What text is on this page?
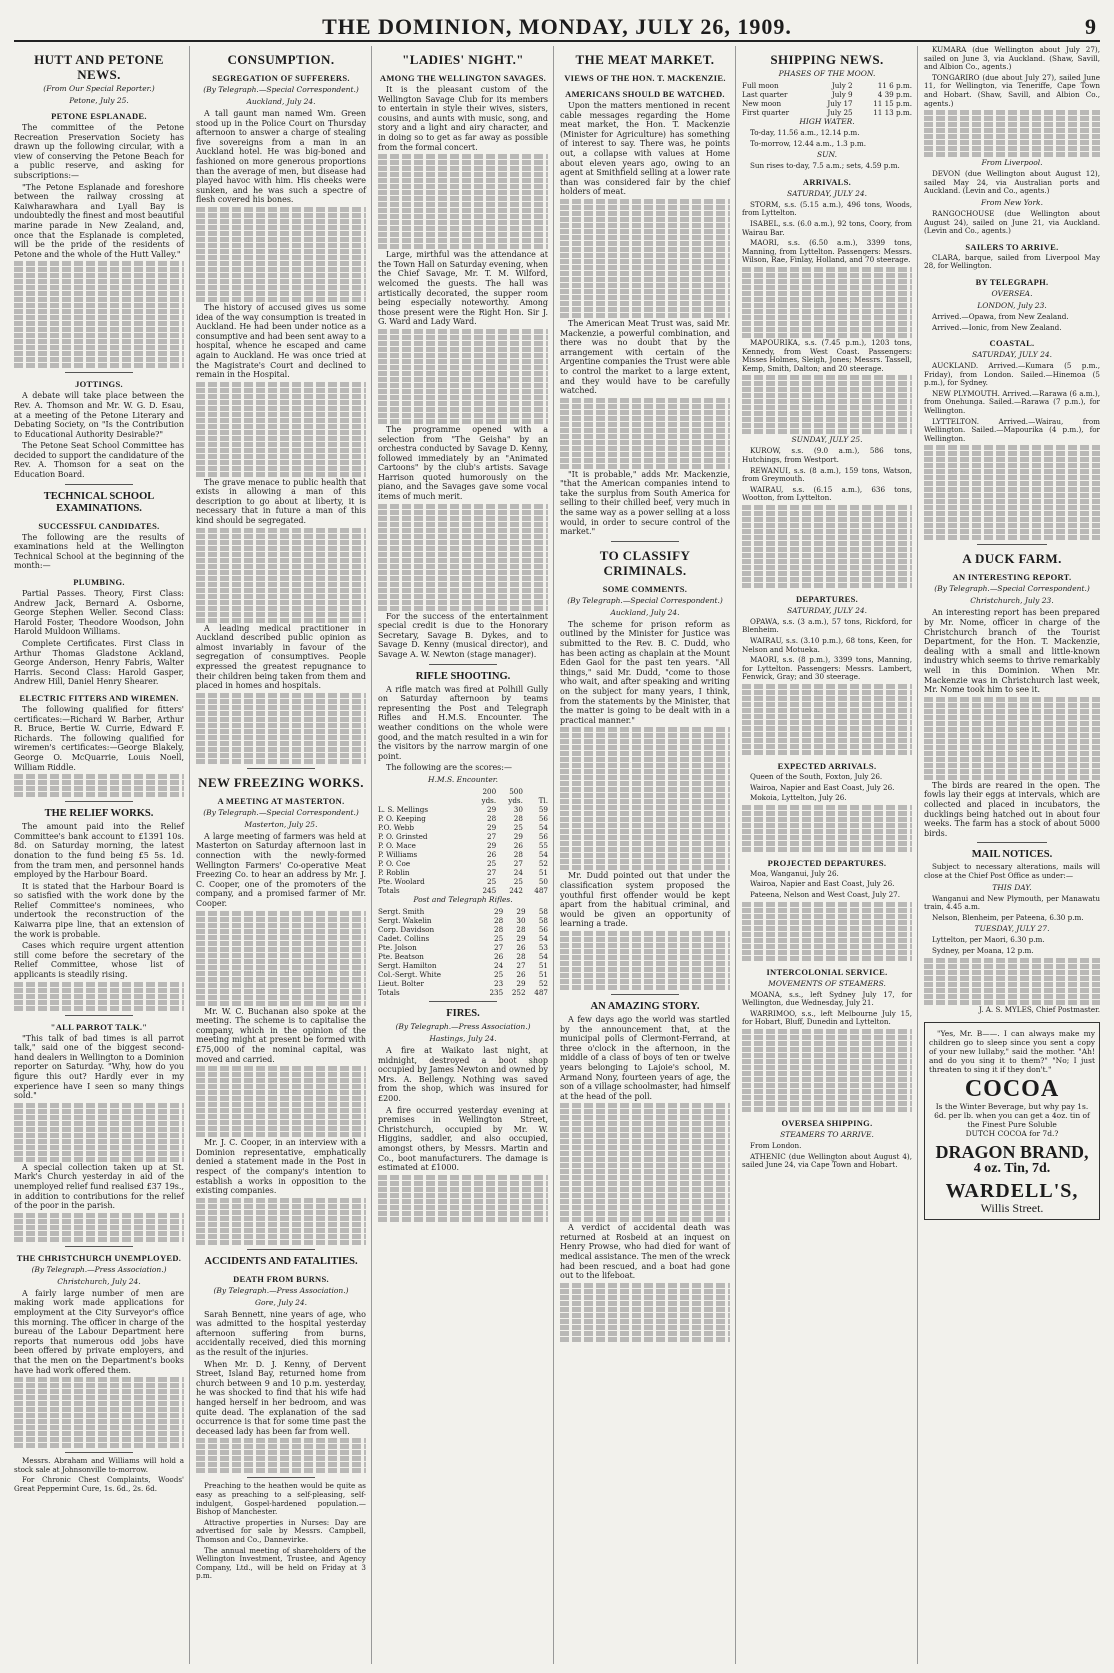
THE DOMINION, MONDAY, JULY 26, 1909.	9
HUTT AND PETONE NEWS.
(From Our Special Reporter.)
Petone, July 25.
PETONE ESPLANADE.

The committee of the Petone Recreation Preservation Society has drawn up the following circular, with a view of conserving the Petone Beach for a public reserve, and asking for subscriptions:—

"The Petone Esplanade and foreshore between the railway crossing at Kaiwharawhara and Lyall Bay is undoubtedly the finest and most beautiful marine parade in New Zealand, and, once that the Esplanade is completed, will be the pride of the residents of Petone and the whole of the Hutt Valley."

JOTTINGS.

A debate will take place between the Rev. A. Thomson and Mr. W. G. D. Esau, at a meeting of the Petone Literary and Debating Society, on "Is the Contribution to Educational Authority Desirable?"

The Petone Seat School Committee has decided to support the candidature of the Rev. A. Thomson for a seat on the Education Board.

TECHNICAL SCHOOL EXAMINATIONS.
SUCCESSFUL CANDIDATES.

The following are the results of examinations held at the Wellington Technical School at the beginning of the month:—

PLUMBING.

Partial Passes. Theory, First Class: Andrew Jack, Bernard A. Osborne, George Stephen Weller. Second Class: Harold Foster, Theodore Woodson, John Harold Muldoon Williams.

Complete Certificates. First Class in Arthur Thomas Gladstone Ackland, George Anderson, Henry Fabris, Walter Harris. Second Class: Harold Gasper, Andrew Hill, Daniel Henry Shearer.

ELECTRIC FITTERS AND WIREMEN.

The following qualified for fitters' certificates:—Richard W. Barber, Arthur R. Bruce, Bertie W. Currie, Edward F. Richards. The following qualified for wiremen's certificates:—George Blakely, George O. McQuarrie, Louis Noell, William Riddle.

THE RELIEF WORKS.

The amount paid into the Relief Committee's bank account to £1391 10s. 8d. on Saturday morning, the latest donation to the fund being £5 5s. 1d. from the tram men, and personnel hands employed by the Harbour Board.

It is stated that the Harbour Board is so satisfied with the work done by the Relief Committee's nominees, who undertook the reconstruction of the Kaiwarra pipe line, that an extension of the work is probable.

Cases which require urgent attention still come before the secretary of the Relief Committee, whose list of applicants is steadily rising.

"ALL PARROT TALK."

"This talk of bad times is all parrot talk," said one of the biggest second-hand dealers in Wellington to a Dominion reporter on Saturday. "Why, how do you figure this out? Hardly ever in my experience have I seen so many things sold."

A special collection taken up at St. Mark's Church yesterday in aid of the unemployed relief fund realised £37 19s., in addition to contributions for the relief of the poor in the parish.

THE CHRISTCHURCH UNEMPLOYED.
(By Telegraph.—Press Association.)
Christchurch, July 24.

A fairly large number of men are making work made applications for employment at the City Surveyor's office this morning. The officer in charge of the bureau of the Labour Department here reports that numerous odd jobs have been offered by private employers, and that the men on the Department's books have had work offered them.

Messrs. Abraham and Williams will hold a stock sale at Johnsonville to-morrow.

For Chronic Chest Complaints, Woods' Great Peppermint Cure, 1s. 6d., 2s. 6d.

CONSUMPTION.
SEGREGATION OF SUFFERERS.
(By Telegraph.—Special Correspondent.)
Auckland, July 24.

A tall gaunt man named Wm. Green stood up in the Police Court on Thursday afternoon to answer a charge of stealing five sovereigns from a man in an Auckland hotel. He was big-boned and fashioned on more generous proportions than the average of men, but disease had played havoc with him. His cheeks were sunken, and he was such a spectre of flesh covered his bones.

The history of accused gives us some idea of the way consumption is treated in Auckland. He had been under notice as a consumptive and had been sent away to a hospital, whence he escaped and came again to Auckland. He was once tried at the Magistrate's Court and declined to remain in the Hospital.

The grave menace to public health that exists in allowing a man of this description to go about at liberty, it is necessary that in future a man of this kind should be segregated.

A leading medical practitioner in Auckland described public opinion as almost invariably in favour of the segregation of consumptives. People expressed the greatest repugnance to their children being taken from them and placed in homes and hospitals.

NEW FREEZING WORKS.
A MEETING AT MASTERTON.
(By Telegraph.—Special Correspondent.)
Masterton, July 25.

A large meeting of farmers was held at Masterton on Saturday afternoon last in connection with the newly-formed Wellington Farmers' Co-operative Meat Freezing Co. to hear an address by Mr. J. C. Cooper, one of the promoters of the company, and a promised farmer of Mr. Cooper.

Mr. W. C. Buchanan also spoke at the meeting. The scheme is to capitalise the company, which in the opinion of the meeting might at present be formed with £75,000 of the nominal capital, was moved and carried.

Mr. J. C. Cooper, in an interview with a Dominion representative, emphatically denied a statement made in the Post in respect of the company's intention to establish a works in opposition to the existing companies.

ACCIDENTS AND FATALITIES.
DEATH FROM BURNS.
(By Telegraph.—Press Association.)
Gore, July 24.

Sarah Bennett, nine years of age, who was admitted to the hospital yesterday afternoon suffering from burns, accidentally received, died this morning as the result of the injuries.

When Mr. D. J. Kenny, of Dervent Street, Island Bay, returned home from church between 9 and 10 p.m. yesterday, he was shocked to find that his wife had hanged herself in her bedroom, and was quite dead. The explanation of the sad occurrence is that for some time past the deceased lady has been far from well.

Preaching to the heathen would be quite as easy as preaching to a self-pleasing, self-indulgent, Gospel-hardened population.—Bishop of Manchester.

Attractive properties in Nurses: Day are advertised for sale by Messrs. Campbell, Thomson and Co., Dannevirke.

The annual meeting of shareholders of the Wellington Investment, Trustee, and Agency Company, Ltd., will be held on Friday at 3 p.m.

"LADIES' NIGHT."
AMONG THE WELLINGTON SAVAGES.

It is the pleasant custom of the Wellington Savage Club for its members to entertain in style their wives, sisters, cousins, and aunts with music, song, and story and a light and airy character, and in doing so to get as far away as possible from the formal concert.

Large, mirthful was the attendance at the Town Hall on Saturday evening, when the Chief Savage, Mr. T. M. Wilford, welcomed the guests. The hall was artistically decorated, the supper room being especially noteworthy. Among those present were the Right Hon. Sir J. G. Ward and Lady Ward.

The programme opened with a selection from "The Geisha" by an orchestra conducted by Savage D. Kenny, followed immediately by an "Animated Cartoons" by the club's artists. Savage Harrison quoted humorously on the piano, and the Savages gave some vocal items of much merit.

For the success of the entertainment special credit is due to the Honorary Secretary, Savage B. Dykes, and to Savage D. Kenny (musical director), and Savage A. W. Newton (stage manager).

RIFLE SHOOTING.

A rifle match was fired at Polhill Gully on Saturday afternoon by teams representing the Post and Telegraph Rifles and H.M.S. Encounter. The weather conditions on the whole were good, and the match resulted in a win for the visitors by the narrow margin of one point.

The following are the scores:—

H.M.S. Encounter.
	200	500	
	yds.	yds.	Tl.
L. S. Mellings	29	30	59
P. O. Keeping	28	28	56
P.O. Webb	29	25	54
P. O. Grinsted	27	29	56
P. O. Mace	29	26	55
P. Williams	26	28	54
P. O. Coe	25	27	52
P. Roblin	27	24	51
Pte. Woolard	25	25	50
Totals	245	242	487
Post and Telegraph Rifles.
Sergt. Smith	29	29	58
Sergt. Wakelin	28	30	58
Corp. Davidson	28	28	56
Cadet. Collins	25	29	54
Pte. Jolson	27	26	53
Pte. Beatson	26	28	54
Sergt. Hamilton	24	27	51
Col.-Sergt. White	25	26	51
Lieut. Bolter	23	29	52
Totals	235	252	487
FIRES.
(By Telegraph.—Press Association.)
Hastings, July 24.

A fire at Waikato last night, at midnight, destroyed a boot shop occupied by James Newton and owned by Mrs. A. Bellengy. Nothing was saved from the shop, which was insured for £200.

A fire occurred yesterday evening at premises in Wellington Street, Christchurch, occupied by Mr. W. Higgins, saddler, and also occupied, amongst others, by Messrs. Martin and Co., boot manufacturers. The damage is estimated at £1000.

THE MEAT MARKET.
VIEWS OF THE HON. T. MACKENZIE.
AMERICANS SHOULD BE WATCHED.

Upon the matters mentioned in recent cable messages regarding the Home meat market, the Hon. T. Mackenzie (Minister for Agriculture) has something of interest to say. There was, he points out, a collapse with values at Home about eleven years ago, owing to an agent at Smithfield selling at a lower rate than was considered fair by the chief holders of meat.

The American Meat Trust was, said Mr. Mackenzie, a powerful combination, and there was no doubt that by the arrangement with certain of the Argentine companies the Trust were able to control the market to a large extent, and they would have to be carefully watched.

"It is probable," adds Mr. Mackenzie, "that the American companies intend to take the surplus from South America for selling to their chilled beef, very much in the same way as a power selling at a loss would, in order to secure control of the market."

TO CLASSIFY CRIMINALS.
SOME COMMENTS.
(By Telegraph.—Special Correspondent.)
Auckland, July 24.

The scheme for prison reform as outlined by the Minister for Justice was submitted to the Rev. B. C. Dudd, who has been acting as chaplain at the Mount Eden Gaol for the past ten years. "All things," said Mr. Dudd, "come to those who wait, and after speaking and writing on the subject for many years, I think, from the statements by the Minister, that the matter is going to be dealt with in a practical manner."

Mr. Dudd pointed out that under the classification system proposed the youthful first offender would be kept apart from the habitual criminal, and would be given an opportunity of learning a trade.

AN AMAZING STORY.

A few days ago the world was startled by the announcement that, at the municipal polls of Clermont-Ferrand, at three o'clock in the afternoon, in the middle of a class of boys of ten or twelve years belonging to Lajoie's school, M. Armand Nony, fourteen years of age, the son of a village schoolmaster, had himself at the head of the poll.

A verdict of accidental death was returned at Rosbeid at an inquest on Henry Prowse, who had died for want of medical assistance. The men of the wreck had been rescued, and a boat had gone out to the lifeboat.

SHIPPING NEWS.
PHASES OF THE MOON.
Full moon	July 2	11 6 p.m.
Last quarter	July 9	4 39 p.m.
New moon	July 17	11 15 p.m.
First quarter	July 25	11 13 p.m.
HIGH WATER.

To-day, 11.56 a.m., 12.14 p.m.

To-morrow, 12.44 a.m., 1.3 p.m.

SUN.

Sun rises to-day, 7.5 a.m.; sets, 4.59 p.m.

ARRIVALS.
SATURDAY, JULY 24.

STORM, s.s. (5.15 a.m.), 496 tons, Woods, from Lyttelton.

ISABEL, s.s. (6.0 a.m.), 92 tons, Coory, from Wairau Bar.

MAORI, s.s. (6.50 a.m.), 3399 tons, Manning, from Lyttelton. Passengers: Messrs. Wilson, Rae, Finlay, Holland, and 70 steerage.

MAPOURIKA, s.s. (7.45 p.m.), 1203 tons, Kennedy, from West Coast. Passengers: Misses Holmes, Sleigh, Jones; Messrs. Tassell, Kemp, Smith, Dalton; and 20 steerage.

SUNDAY, JULY 25.

KUROW, s.s. (9.0 a.m.), 586 tons, Hutchings, from Westport.

REWANUI, s.s. (8 a.m.), 159 tons, Watson, from Greymouth.

WAIRAU, s.s. (6.15 a.m.), 636 tons, Wootton, from Lyttelton.

DEPARTURES.
SATURDAY, JULY 24.

OPAWA, s.s. (3 a.m.), 57 tons, Rickford, for Blenheim.

WAIRAU, s.s. (3.10 p.m.), 68 tons, Keen, for Nelson and Motueka.

MAORI, s.s. (8 p.m.), 3399 tons, Manning, for Lyttelton. Passengers: Messrs. Lambert, Fenwick, Gray; and 30 steerage.

EXPECTED ARRIVALS.

Queen of the South, Foxton, July 26.

Wairoa, Napier and East Coast, July 26.

Mokoia, Lyttelton, July 26.

PROJECTED DEPARTURES.

Moa, Wanganui, July 26.

Wairoa, Napier and East Coast, July 26.

Pateena, Nelson and West Coast, July 27.

INTERCOLONIAL SERVICE.
MOVEMENTS OF STEAMERS.

MOANA, s.s., left Sydney July 17, for Wellington, due Wednesday, July 21.

WARRIMOO, s.s., left Melbourne July 15, for Hobart, Bluff, Dunedin and Lyttelton.

OVERSEA SHIPPING.
STEAMERS TO ARRIVE.

From London.

ATHENIC (due Wellington about August 4), sailed June 24, via Cape Town and Hobart.

KUMARA (due Wellington about July 27), sailed on June 3, via Auckland. (Shaw, Savill, and Albion Co., agents.)

TONGARIRO (due about July 27), sailed June 11, for Wellington, via Teneriffe, Cape Town and Hobart. (Shaw, Savill, and Albion Co., agents.)

From Liverpool.

DEVON (due Wellington about August 12), sailed May 24, via Australian ports and Auckland. (Levin and Co., agents.)

From New York.

RANGOCHOUSE (due Wellington about August 24), sailed on June 21, via Auckland. (Levin and Co., agents.)

SAILERS TO ARRIVE.

CLARA, barque, sailed from Liverpool May 28, for Wellington.

BY TELEGRAPH.
OVERSEA.
LONDON, July 23.

Arrived.—Opawa, from New Zealand.

Arrived.—Ionic, from New Zealand.

COASTAL.
SATURDAY, JULY 24.

AUCKLAND. Arrived.—Kumara (5 p.m., Friday), from London. Sailed.—Hinemoa (5 p.m.), for Sydney.

NEW PLYMOUTH. Arrived.—Rarawa (6 a.m.), from Onehunga. Sailed.—Rarawa (7 p.m.), for Wellington.

LYTTELTON. Arrived.—Wairau, from Wellington. Sailed.—Mapourika (4 p.m.), for Wellington.

A DUCK FARM.
AN INTERESTING REPORT.
(By Telegraph.—Special Correspondent.)
Christchurch, July 23.

An interesting report has been prepared by Mr. Nome, officer in charge of the Christchurch branch of the Tourist Department, for the Hon. T. Mackenzie, dealing with a small and little-known industry which seems to thrive remarkably well in this Dominion. When Mr. Mackenzie was in Christchurch last week, Mr. Nome took him to see it.

The birds are reared in the open. The fowls lay their eggs at intervals, which are collected and placed in incubators, the ducklings being hatched out in about four weeks. The farm has a stock of about 5000 birds.

MAIL NOTICES.

Subject to necessary alterations, mails will close at the Chief Post Office as under:—

THIS DAY.

Wanganui and New Plymouth, per Manawatu train, 4.45 a.m.

Nelson, Blenheim, per Pateena, 6.30 p.m.

TUESDAY, JULY 27.

Lyttelton, per Maori, 6.30 p.m.

Sydney, per Moana, 12 p.m.

J. A. S. MYLES, Chief Postmaster.

"Yes, Mr. B——. I can always make my children go to sleep since you sent a copy of your new lullaby," said the mother. "Ah! and do you sing it to them?" "No; I just threaten to sing it if they don't."

COCOA
Is the Winter Beverage, but why pay 1s. 6d. per lb. when you can get a 4oz. tin of the Finest Pure Soluble
DUTCH COCOA for 7d.?
DRAGON BRAND,
4 oz. Tin, 7d.
WARDELL'S,
Willis Street.
